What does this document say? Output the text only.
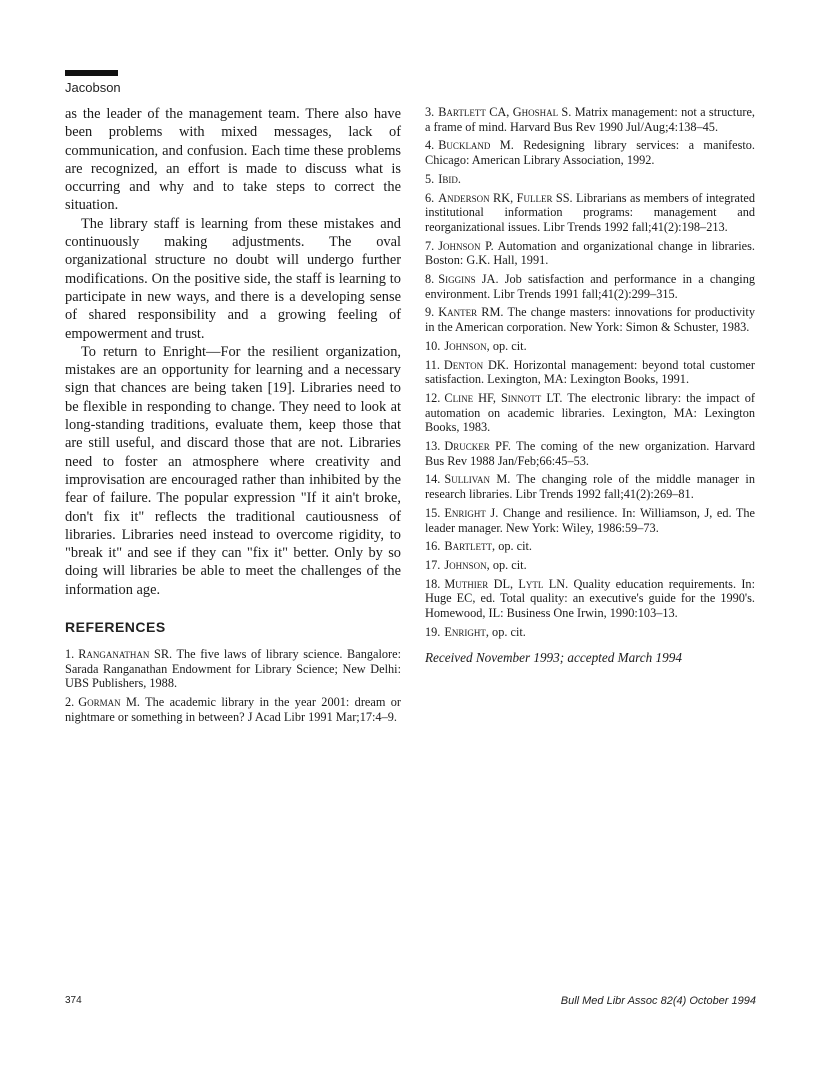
Jacobson

as the leader of the management team. There also have been problems with mixed messages, lack of communication, and confusion. Each time these problems are recognized, an effort is made to discuss what is occurring and why and to take steps to correct the situation.

The library staff is learning from these mistakes and continuously making adjustments. The oval organizational structure no doubt will undergo further modifications. On the positive side, the staff is learning to participate in new ways, and there is a developing sense of shared responsibility and a growing feeling of empowerment and trust.

To return to Enright—For the resilient organization, mistakes are an opportunity for learning and a necessary sign that chances are being taken [19]. Libraries need to be flexible in responding to change. They need to look at long-standing traditions, evaluate them, keep those that are still useful, and discard those that are not. Libraries need to foster an atmosphere where creativity and improvisation are encouraged rather than inhibited by the fear of failure. The popular expression "If it ain't broke, don't fix it" reflects the traditional cautiousness of libraries. Libraries need instead to overcome rigidity, to "break it" and see if they can "fix it" better. Only by so doing will libraries be able to meet the challenges of the information age.

REFERENCES

1. Ranganathan SR. The five laws of library science. Bangalore: Sarada Ranganathan Endowment for Library Science; New Delhi: UBS Publishers, 1988.

2. Gorman M. The academic library in the year 2001: dream or nightmare or something in between? J Acad Libr 1991 Mar;17:4–9.

3. Bartlett CA, Ghoshal S. Matrix management: not a structure, a frame of mind. Harvard Bus Rev 1990 Jul/Aug;4:138–45.

4. Buckland M. Redesigning library services: a manifesto. Chicago: American Library Association, 1992.

5. Ibid.

6. Anderson RK, Fuller SS. Librarians as members of integrated institutional information programs: management and reorganizational issues. Libr Trends 1992 fall;41(2):198–213.

7. Johnson P. Automation and organizational change in libraries. Boston: G.K. Hall, 1991.

8. Siggins JA. Job satisfaction and performance in a changing environment. Libr Trends 1991 fall;41(2):299–315.

9. Kanter RM. The change masters: innovations for productivity in the American corporation. New York: Simon & Schuster, 1983.

10. Johnson, op. cit.

11. Denton DK. Horizontal management: beyond total customer satisfaction. Lexington, MA: Lexington Books, 1991.

12. Cline HF, Sinnott LT. The electronic library: the impact of automation on academic libraries. Lexington, MA: Lexington Books, 1983.

13. Drucker PF. The coming of the new organization. Harvard Bus Rev 1988 Jan/Feb;66:45–53.

14. Sullivan M. The changing role of the middle manager in research libraries. Libr Trends 1992 fall;41(2):269–81.

15. Enright J. Change and resilience. In: Williamson, J, ed. The leader manager. New York: Wiley, 1986:59–73.

16. Bartlett, op. cit.

17. Johnson, op. cit.

18. Muthier DL, Lytl LN. Quality education requirements. In: Huge EC, ed. Total quality: an executive's guide for the 1990's. Homewood, IL: Business One Irwin, 1990:103–13.

19. Enright, op. cit.

Received November 1993; accepted March 1994
374	Bull Med Libr Assoc 82(4) October 1994
